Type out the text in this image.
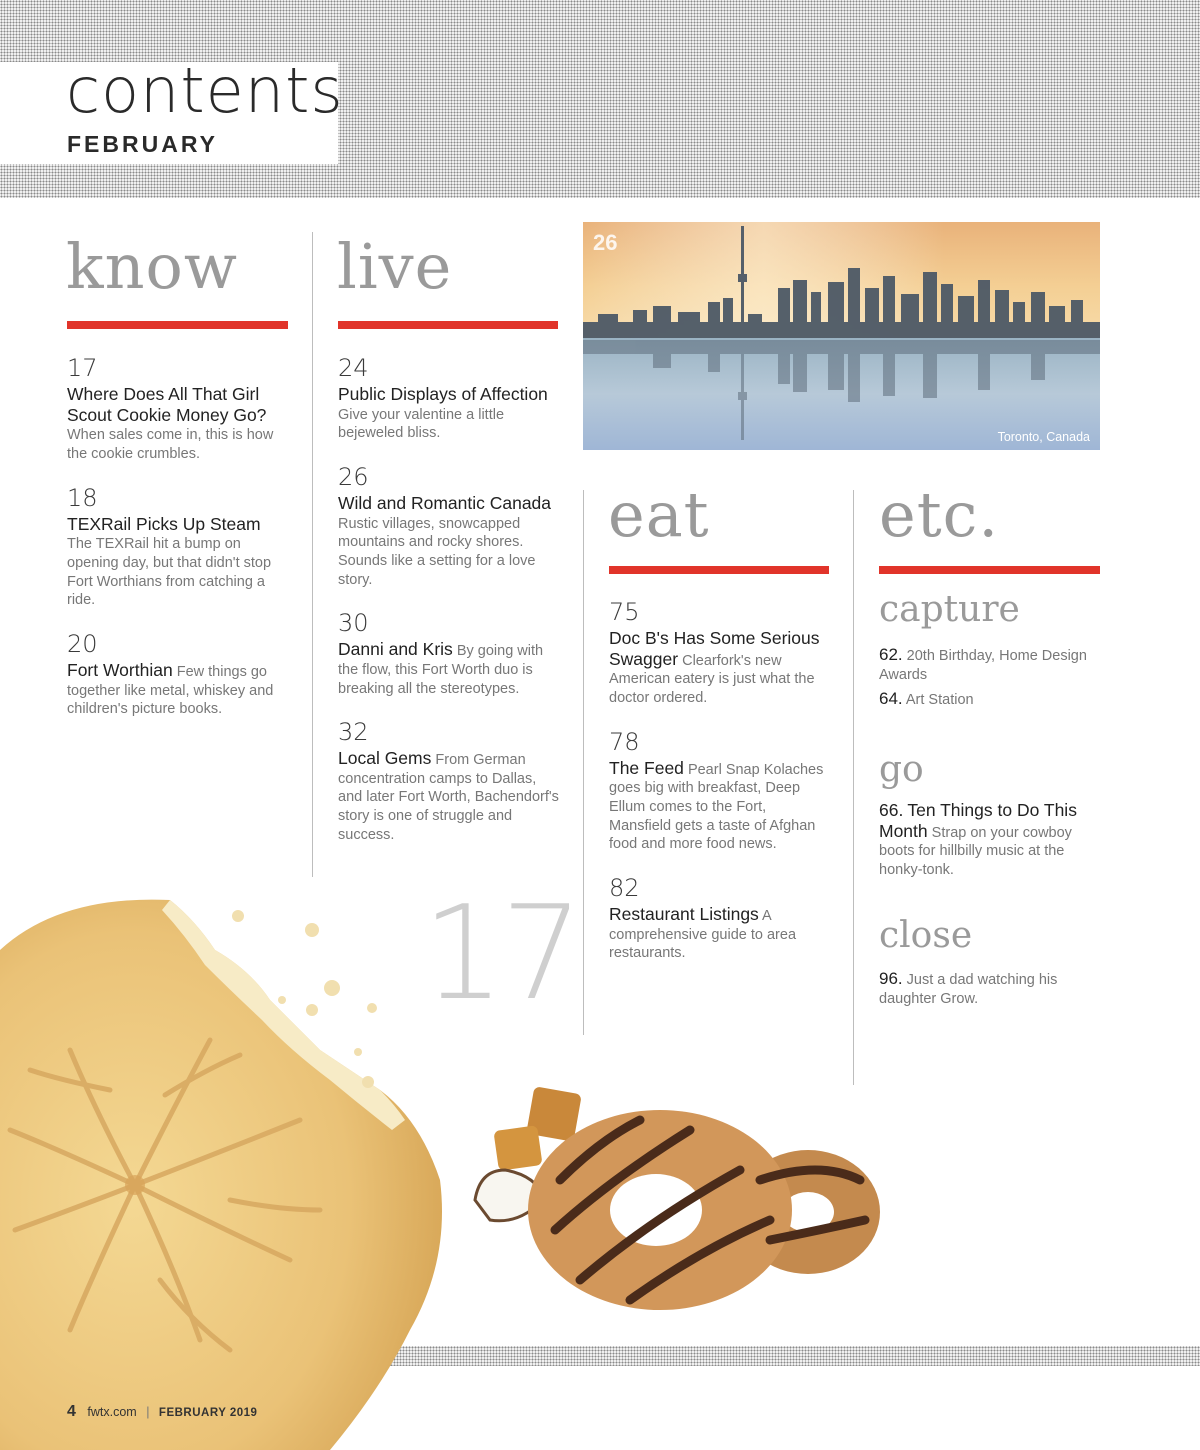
contents
FEBRUARY
know
17
Where Does All That Girl Scout Cookie Money Go?
When sales come in, this is how the cookie crumbles.
18
TEXRail Picks Up Steam
The TEXRail hit a bump on opening day, but that didn't stop Fort Worthians from catching a ride.
20
Fort Worthian Few things go together like metal, whiskey and children's picture books.
live
24
Public Displays of Affection Give your valentine a little bejeweled bliss.
26
Wild and Romantic Canada Rustic villages, snowcapped mountains and rocky shores. Sounds like a setting for a love story.
30
Danni and Kris By going with the flow, this Fort Worth duo is breaking all the stereotypes.
32
Local Gems From German concentration camps to Dallas, and later Fort Worth, Bachendorf's story is one of struggle and success.
26
Toronto, Canada
eat
75
Doc B's Has Some Serious Swagger Clearfork's new American eatery is just what the doctor ordered.
78
The Feed Pearl Snap Kolaches goes big with breakfast, Deep Ellum comes to the Fort, Mansfield gets a taste of Afghan food and more food news.
82
Restaurant Listings A comprehensive guide to area restaurants.
etc.
capture
62. 20th Birthday, Home Design Awards
64. Art Station
go
66. Ten Things to Do This Month Strap on your cowboy boots for hillbilly music at the honky-tonk.
close
96. Just a dad watching his daughter Grow.
17
4 fwtx.com | FEBRUARY 2019
